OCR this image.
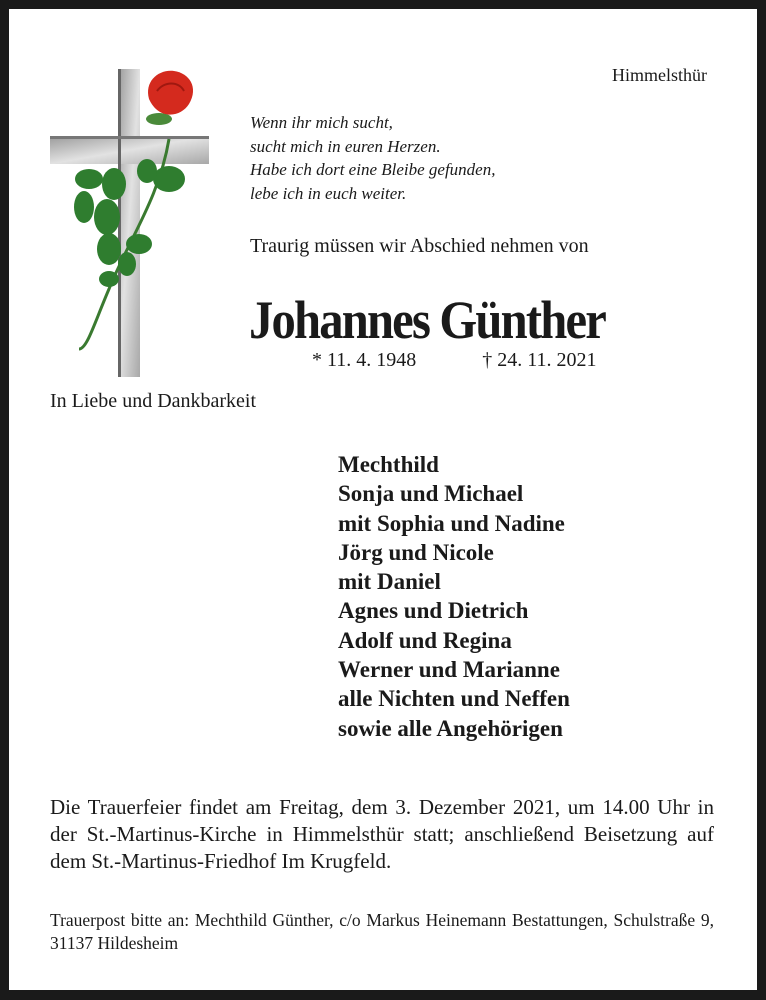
Himmelsthür

Wenn ihr mich sucht,
sucht mich in euren Herzen.
Habe ich dort eine Bleibe gefunden,
lebe ich in euch weiter.

Traurig müssen wir Abschied nehmen von

Johannes Günther

* 11. 4. 1948	† 24. 11. 2021

In Liebe und Dankbarkeit

Mechthild
Sonja und Michael
mit Sophia und Nadine
Jörg und Nicole
mit Daniel
Agnes und Dietrich
Adolf und Regina
Werner und Marianne
alle Nichten und Neffen
sowie alle Angehörigen

Die Trauerfeier findet am Freitag, dem 3. Dezember 2021, um 14.00 Uhr in der St.-Martinus-Kirche in Himmelsthür statt; anschließend Beisetzung auf dem St.-Martinus-Friedhof Im Krugfeld.

Trauerpost bitte an: Mechthild Günther, c/o Markus Heinemann Bestattungen, Schulstraße 9, 31137 Hildesheim
